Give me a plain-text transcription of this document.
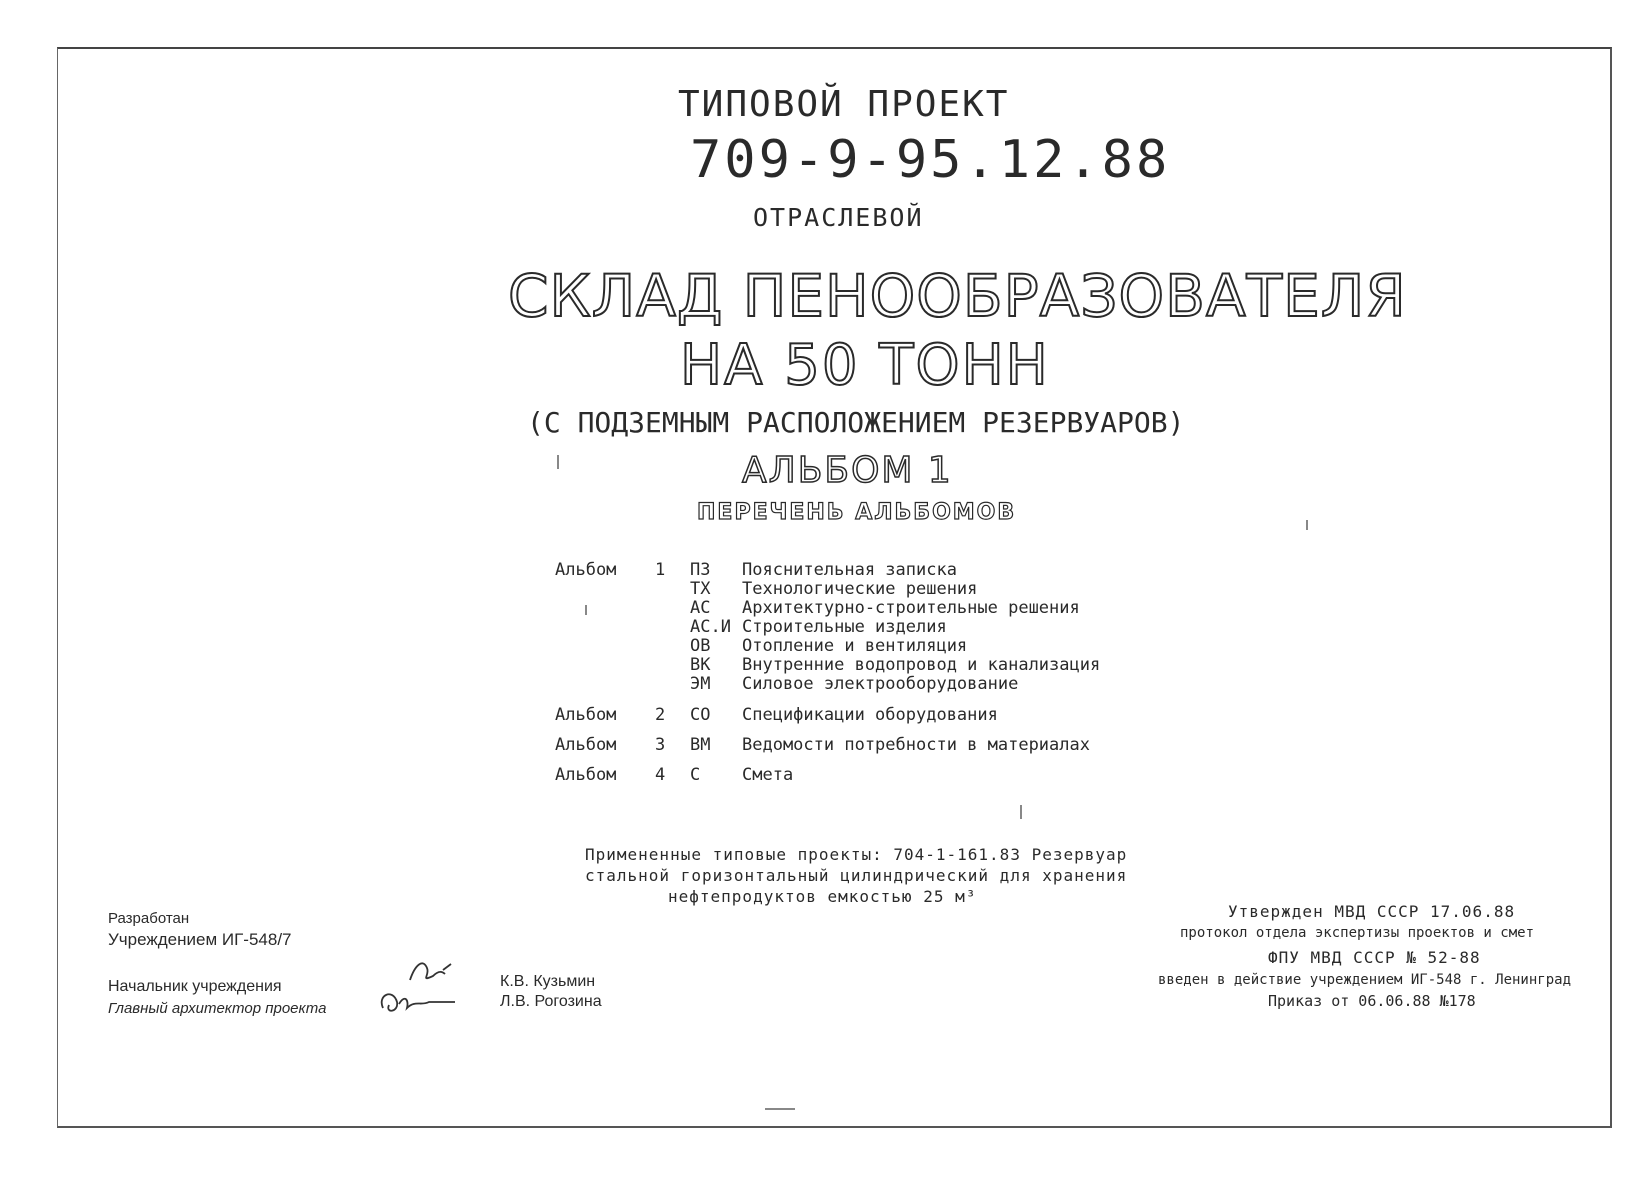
ТИПОВОЙ ПРОЕКТ
709-9-95.12.88
ОТРАСЛЕВОЙ
СКЛАД ПЕНООБРАЗОВАТЕЛЯ
НА 50 ТОНН
(С ПОДЗЕМНЫМ РАСПОЛОЖЕНИЕМ РЕЗЕРВУАРОВ)
АЛЬБОМ 1
ПЕРЕЧЕНЬ АЛЬБОМОВ
Альбом 1 ПЗ Пояснительная записка
ТХ Технологические решения
АС Архитектурно-строительные решения
АС.И Строительные изделия
ОВ Отопление и вентиляция
ВК Внутренние водопровод и канализация
ЭМ Силовое электрооборудование
Альбом 2 СО Спецификации оборудования
Альбом 3 ВМ Ведомости потребности в материалах
Альбом 4 С Смета
Примененные типовые проекты: 704-1-161.83 Резервуар
стальной горизонтальный цилиндрический для хранения
нефтепродуктов емкостью 25 м³
Разработан
Учреждением ИГ-548/7
Начальник учреждения
Главный архитектор проекта
К.В. Кузьмин
Л.В. Рогозина
Утвержден МВД СССР 17.06.88
протокол отдела экспертизы проектов и смет
ФПУ МВД СССР № 52-88
введен в действие учреждением ИГ-548 г. Ленинград
Приказ от 06.06.88 №178
